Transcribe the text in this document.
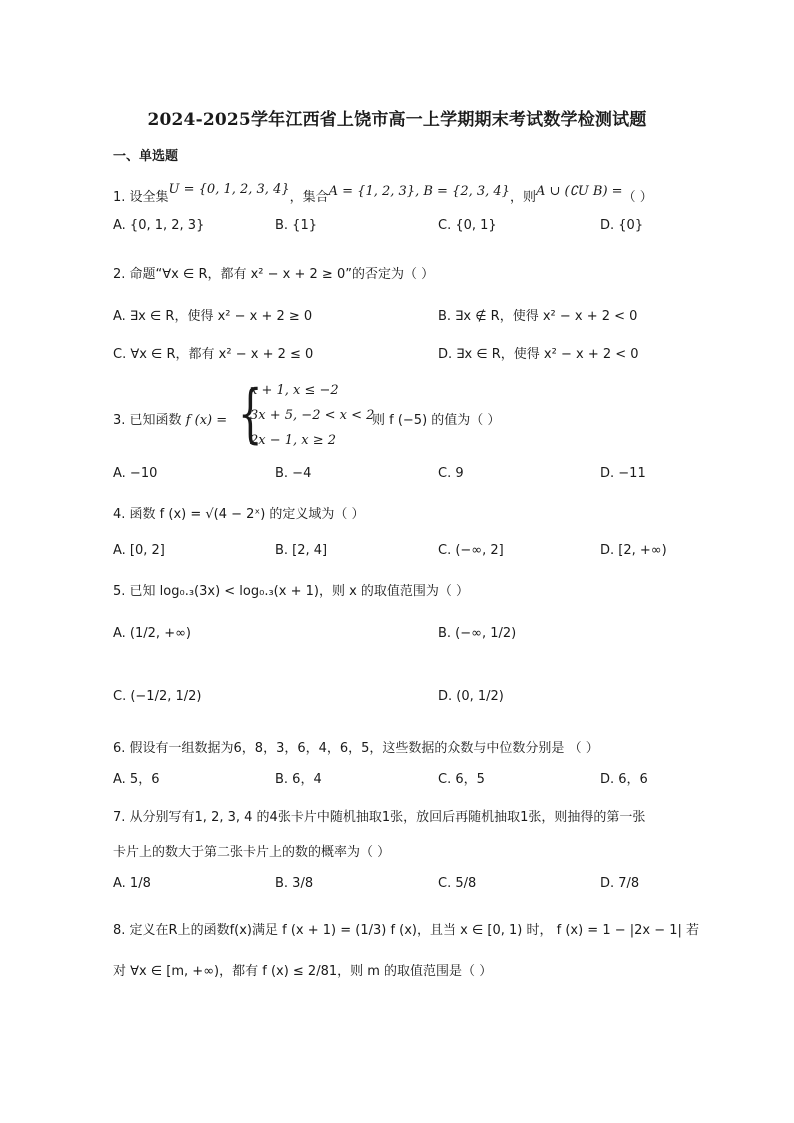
2024-2025学年江西省上饶市高一上学期期末考试数学检测试题
一、单选题
1. 设全集U = {0, 1, 2, 3, 4}，集合A = {1, 2, 3}, B = {2, 3, 4}，则A ∪ (∁U B) =（ ）
A. {0, 1, 2, 3}	B. {1}	C. {0, 1}	D. {0}
2. 命题“∀x ∈ R，都有 x² − x + 2 ≥ 0”的否定为（ ）
A. ∃x ∈ R，使得 x² − x + 2 ≥ 0	B. ∃x ∉ R，使得 x² − x + 2 < 0
C. ∀x ∈ R，都有 x² − x + 2 ≤ 0	D. ∃x ∈ R，使得 x² − x + 2 < 0
3. 已知函数 f (x) = {
x + 1, x ≤ −2
3x + 5, −2 < x < 2
2x − 1, x ≥ 2
则 f (−5) 的值为（ ）
A. −10	B. −4	C. 9	D. −11
4. 函数 f (x) = √(4 − 2ˣ) 的定义域为（ ）
A. [0, 2]	B. [2, 4]	C. (−∞, 2]	D. [2, +∞)
5. 已知 log₀.₃(3x) < log₀.₃(x + 1)，则 x 的取值范围为（ ）
A. (1/2, +∞)	B. (−∞, 1/2)
C. (−1/2, 1/2)	D. (0, 1/2)
6. 假设有一组数据为6，8，3，6，4，6，5，这些数据的众数与中位数分别是 （ ）
A. 5，6	B. 6，4	C. 6，5	D. 6，6
7. 从分别写有1, 2, 3, 4 的4张卡片中随机抽取1张，放回后再随机抽取1张，则抽得的第一张
卡片上的数大于第二张卡片上的数的概率为（ ）
A. 1/8	B. 3/8	C. 5/8	D. 7/8
8. 定义在R上的函数f(x)满足 f (x + 1) = (1/3) f (x)，且当 x ∈ [0, 1) 时， f (x) = 1 − |2x − 1| 若
对 ∀x ∈ [m, +∞)，都有 f (x) ≤ 2/81，则 m 的取值范围是（ ）
